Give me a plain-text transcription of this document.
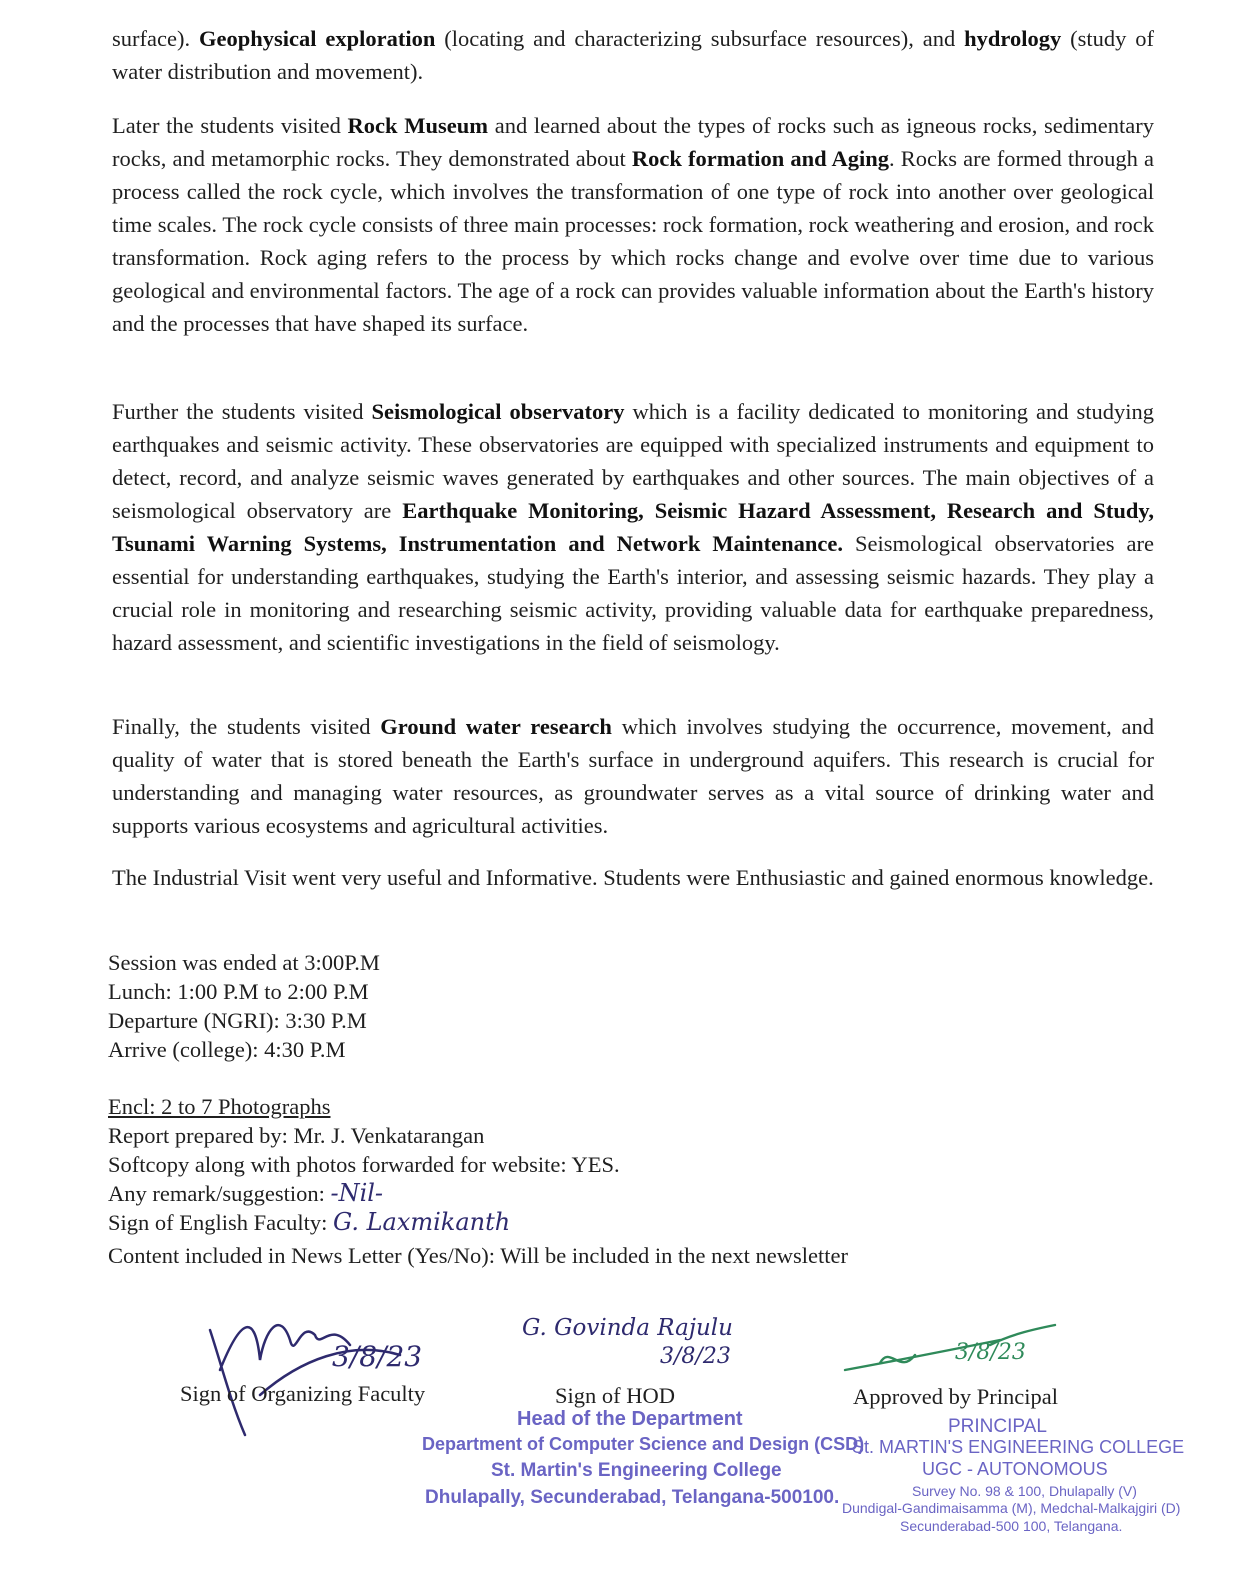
surface). Geophysical exploration (locating and characterizing subsurface resources), and hydrology (study of water distribution and movement).

Later the students visited Rock Museum and learned about the types of rocks such as igneous rocks, sedimentary rocks, and metamorphic rocks. They demonstrated about Rock formation and Aging. Rocks are formed through a process called the rock cycle, which involves the transformation of one type of rock into another over geological time scales. The rock cycle consists of three main processes: rock formation, rock weathering and erosion, and rock transformation. Rock aging refers to the process by which rocks change and evolve over time due to various geological and environmental factors. The age of a rock can provides valuable information about the Earth's history and the processes that have shaped its surface.

Further the students visited Seismological observatory which is a facility dedicated to monitoring and studying earthquakes and seismic activity. These observatories are equipped with specialized instruments and equipment to detect, record, and analyze seismic waves generated by earthquakes and other sources. The main objectives of a seismological observatory are Earthquake Monitoring, Seismic Hazard Assessment, Research and Study, Tsunami Warning Systems, Instrumentation and Network Maintenance. Seismological observatories are essential for understanding earthquakes, studying the Earth's interior, and assessing seismic hazards. They play a crucial role in monitoring and researching seismic activity, providing valuable data for earthquake preparedness, hazard assessment, and scientific investigations in the field of seismology.

Finally, the students visited Ground water research which involves studying the occurrence, movement, and quality of water that is stored beneath the Earth's surface in underground aquifers. This research is crucial for understanding and managing water resources, as groundwater serves as a vital source of drinking water and supports various ecosystems and agricultural activities.

The Industrial Visit went very useful and Informative. Students were Enthusiastic and gained enormous knowledge.

Session was ended at 3:00P.M
Lunch: 1:00 P.M to 2:00 P.M
Departure (NGRI): 3:30 P.M
Arrive (college): 4:30 P.M
Encl: 2 to 7 Photographs
Report prepared by: Mr. J. Venkatarangan
Softcopy along with photos forwarded for website: YES.
Any remark/suggestion: -Nil-
Sign of English Faculty: G. Laxmikanth
Content included in News Letter (Yes/No): Will be included in the next newsletter
3/8/23
Sign of Organizing Faculty
G. Govinda Rajulu
3/8/23
Sign of HOD
3/8/23
Approved by Principal
Head of the Department
Department of Computer Science and Design (CSD)
St. Martin's Engineering College
Dhulapally, Secunderabad, Telangana-500100.
PRINCIPAL
St. MARTIN'S ENGINEERING COLLEGE
UGC - AUTONOMOUS
Survey No. 98 & 100, Dhulapally (V)
Dundigal-Gandimaisamma (M), Medchal-Malkajgiri (D)
Secunderabad-500 100, Telangana.
